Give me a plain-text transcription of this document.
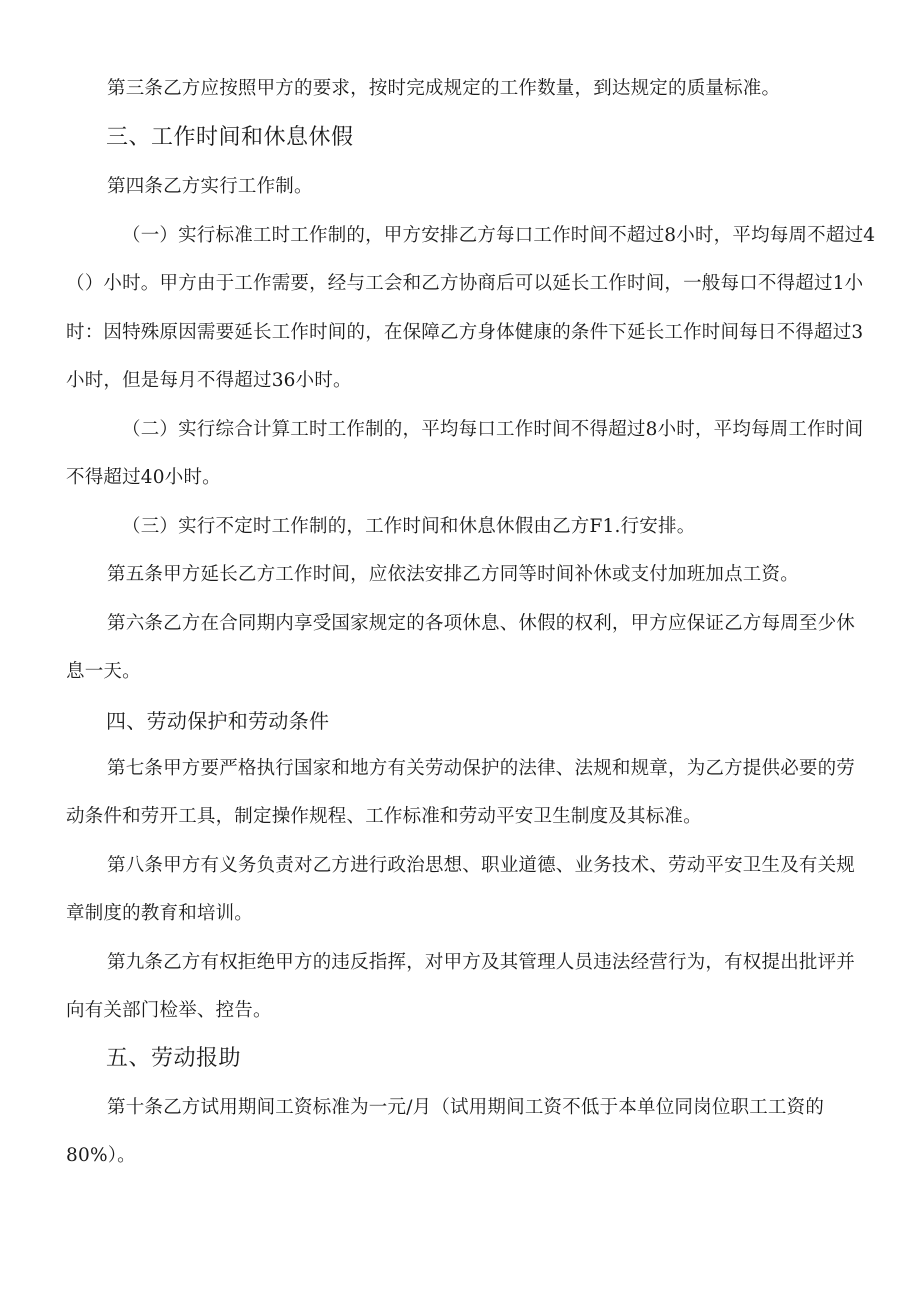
第三条乙方应按照甲方的要求，按时完成规定的工作数量，到达规定的质量标准。
三、工作时间和休息休假
第四条乙方实行工作制。
（一）实行标准工时工作制的，甲方安排乙方每口工作时间不超过8小时，平均每周不超过4
（）小时。甲方由于工作需要，经与工会和乙方协商后可以延长工作时间，一般每口不得超过1小
时：因特殊原因需要延长工作时间的，在保障乙方身体健康的条件下延长工作时间每日不得超过3
小时，但是每月不得超过36小时。
（二）实行综合计算工时工作制的，平均每口工作时间不得超过8小时，平均每周工作时间
不得超过40小时。
（三）实行不定时工作制的，工作时间和休息休假由乙方F1.行安排。
第五条甲方延长乙方工作时间，应依法安排乙方同等时间补休或支付加班加点工资。
第六条乙方在合同期内享受国家规定的各项休息、休假的权利，甲方应保证乙方每周至少休
息一天。
四、劳动保护和劳动条件
第七条甲方要严格执行国家和地方有关劳动保护的法律、法规和规章，为乙方提供必要的劳
动条件和劳开工具，制定操作规程、工作标准和劳动平安卫生制度及其标准。
第八条甲方有义务负责对乙方进行政治思想、职业道德、业务技术、劳动平安卫生及有关规
章制度的教育和培训。
第九条乙方有权拒绝甲方的违反指挥，对甲方及其管理人员违法经营行为，有权提出批评并
向有关部门检举、控告。
五、劳动报助
第十条乙方试用期间工资标准为一元/月（试用期间工资不低于本单位同岗位职工工资的
80%）。
